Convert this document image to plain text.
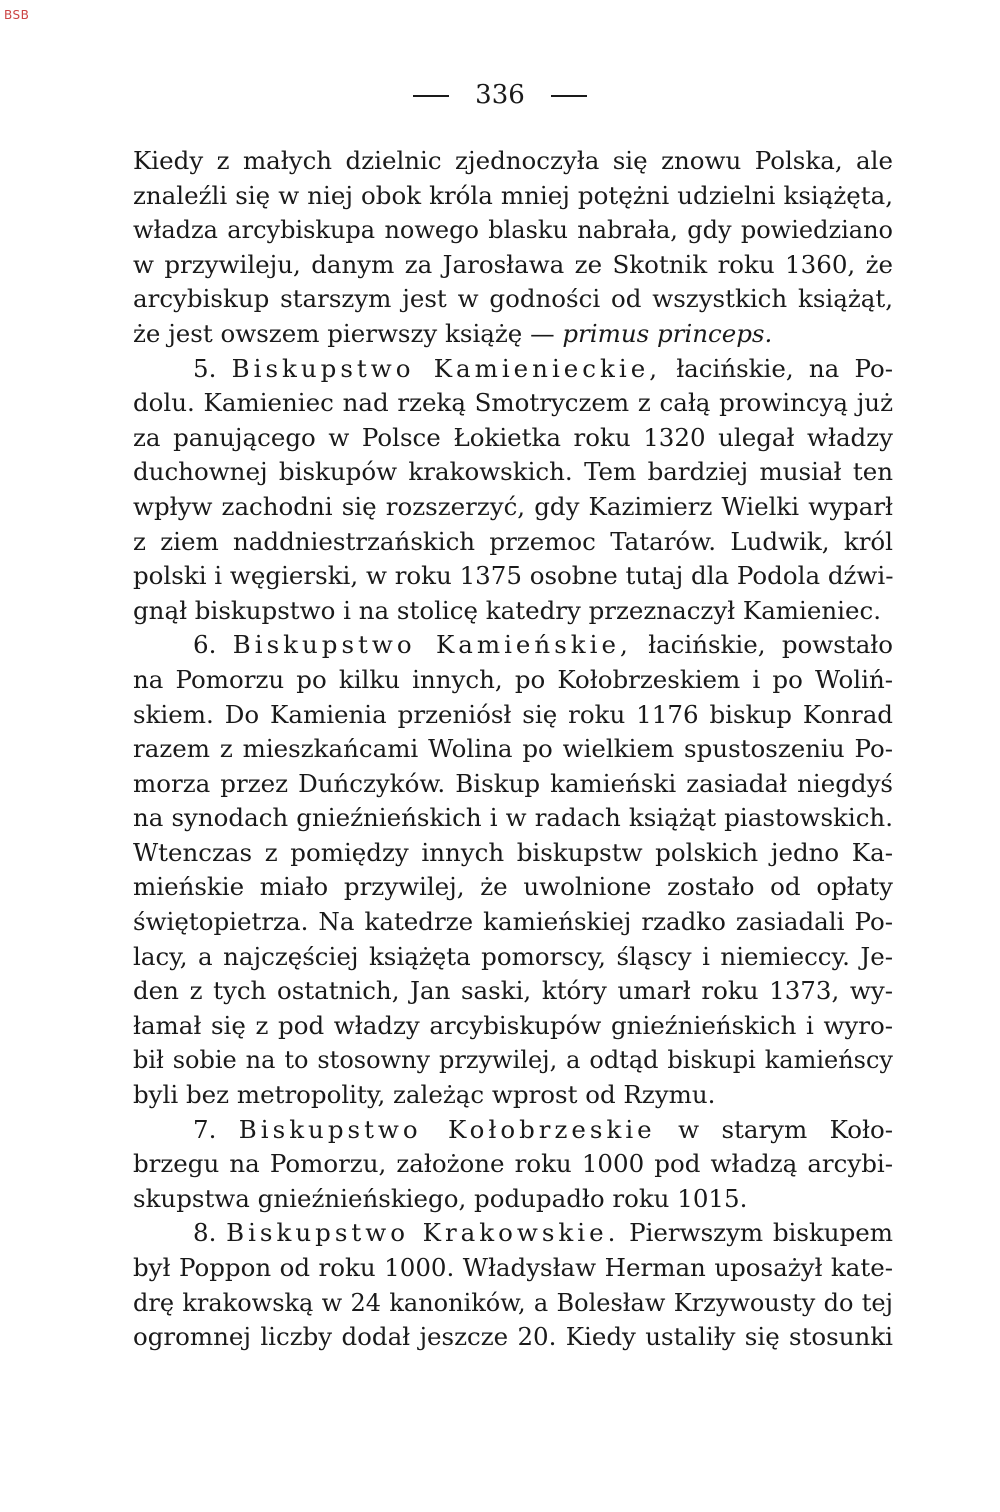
BSB
336
Kiedy z małych dzielnic zjednoczyła się znowu Polska, ale
znaleźli się w niej obok króla mniej potężni udzielni książęta,
władza arcybiskupa nowego blasku nabrała, gdy powiedziano
w przywileju, danym za Jarosława ze Skotnik roku 1360, że
arcybiskup starszym jest w godności od wszystkich książąt,
że jest owszem pierwszy książę — primus princeps.
5. Biskupstwo Kamienieckie, łacińskie, na Po-
dolu. Kamieniec nad rzeką Smotryczem z całą prowincyą już
za panującego w Polsce Łokietka roku 1320 ulegał władzy
duchownej biskupów krakowskich. Tem bardziej musiał ten
wpływ zachodni się rozszerzyć, gdy Kazimierz Wielki wyparł
z ziem naddniestrzańskich przemoc Tatarów. Ludwik, król
polski i węgierski, w roku 1375 osobne tutaj dla Podola dźwi-
gnął biskupstwo i na stolicę katedry przeznaczył Kamieniec.
6. Biskupstwo Kamieńskie, łacińskie, powstało
na Pomorzu po kilku innych, po Kołobrzeskiem i po Woliń-
skiem. Do Kamienia przeniósł się roku 1176 biskup Konrad
razem z mieszkańcami Wolina po wielkiem spustoszeniu Po-
morza przez Duńczyków. Biskup kamieński zasiadał niegdyś
na synodach gnieźnieńskich i w radach książąt piastowskich.
Wtenczas z pomiędzy innych biskupstw polskich jedno Ka-
mieńskie miało przywilej, że uwolnione zostało od opłaty
świętopietrza. Na katedrze kamieńskiej rzadko zasiadali Po-
lacy, a najczęściej książęta pomorscy, śląscy i niemieccy. Je-
den z tych ostatnich, Jan saski, który umarł roku 1373, wy-
łamał się z pod władzy arcybiskupów gnieźnieńskich i wyro-
bił sobie na to stosowny przywilej, a odtąd biskupi kamieńscy
byli bez metropolity, zależąc wprost od Rzymu.
7. Biskupstwo Kołobrzeskie w starym Koło-
brzegu na Pomorzu, założone roku 1000 pod władzą arcybi-
skupstwa gnieźnieńskiego, podupadło roku 1015.
8. Biskupstwo Krakowskie. Pierwszym biskupem
był Poppon od roku 1000. Władysław Herman uposażył kate-
drę krakowską w 24 kanoników, a Bolesław Krzywousty do tej
ogromnej liczby dodał jeszcze 20. Kiedy ustaliły się stosunki
